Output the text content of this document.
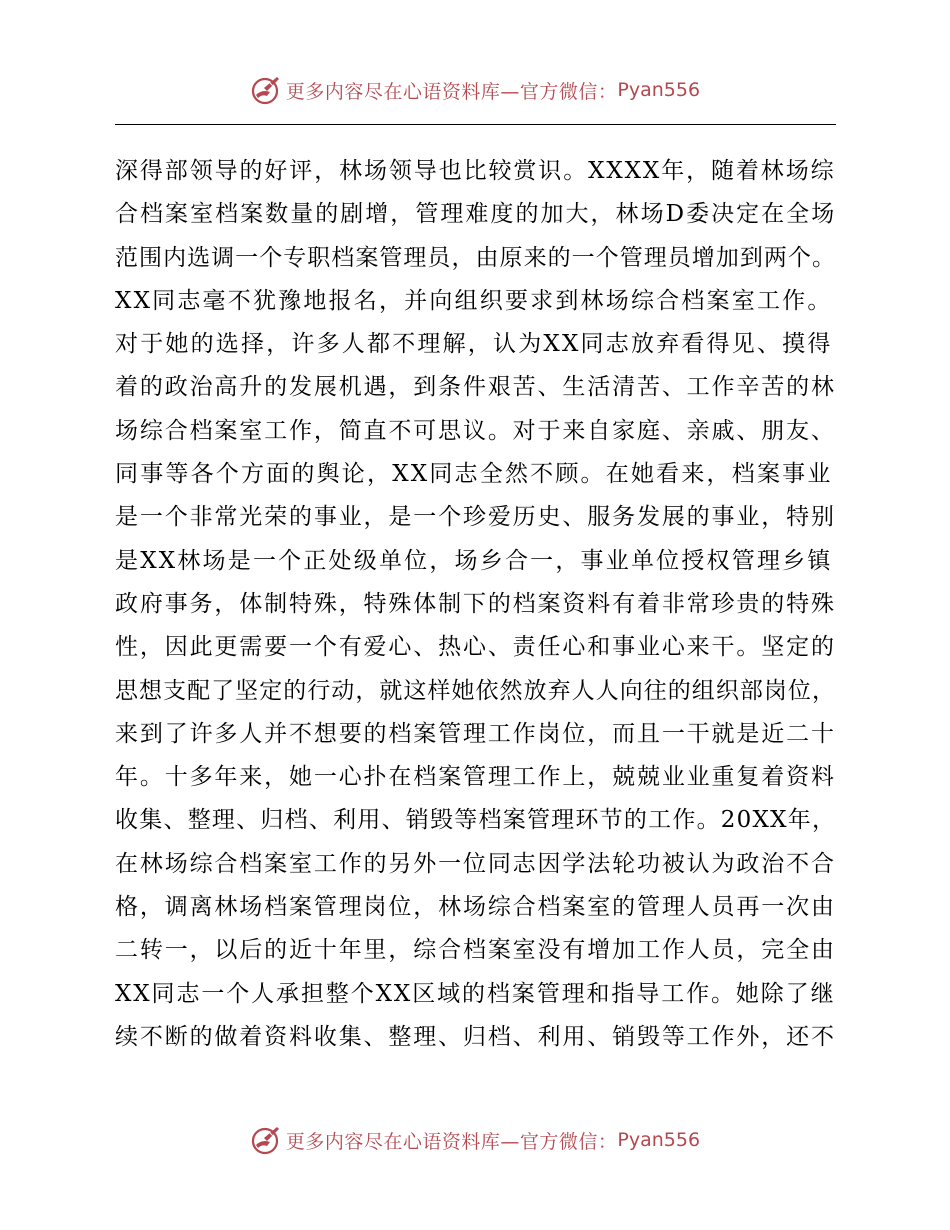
更多内容尽在心语资料库—官方微信： Pyan556
深得部领导的好评，林场领导也比较赏识。XXXX年，随着林场综
合档案室档案数量的剧增，管理难度的加大，林场D委决定在全场
范围内选调一个专职档案管理员，由原来的一个管理员增加到两个。
XX同志毫不犹豫地报名，并向组织要求到林场综合档案室工作。
对于她的选择，许多人都不理解，认为XX同志放弃看得见、摸得
着的政治高升的发展机遇，到条件艰苦、生活清苦、工作辛苦的林
场综合档案室工作，简直不可思议。对于来自家庭、亲戚、朋友、
同事等各个方面的舆论，XX同志全然不顾。在她看来，档案事业
是一个非常光荣的事业，是一个珍爱历史、服务发展的事业，特别
是XX林场是一个正处级单位，场乡合一，事业单位授权管理乡镇
政府事务，体制特殊，特殊体制下的档案资料有着非常珍贵的特殊
性，因此更需要一个有爱心、热心、责任心和事业心来干。坚定的
思想支配了坚定的行动，就这样她依然放弃人人向往的组织部岗位，
来到了许多人并不想要的档案管理工作岗位，而且一干就是近二十
年。十多年来，她一心扑在档案管理工作上，兢兢业业重复着资料
收集、整理、归档、利用、销毁等档案管理环节的工作。20XX年，
在林场综合档案室工作的另外一位同志因学法轮功被认为政治不合
格，调离林场档案管理岗位，林场综合档案室的管理人员再一次由
二转一，以后的近十年里，综合档案室没有增加工作人员，完全由
XX同志一个人承担整个XX区域的档案管理和指导工作。她除了继
续不断的做着资料收集、整理、归档、利用、销毁等工作外，还不
更多内容尽在心语资料库—官方微信： Pyan556
